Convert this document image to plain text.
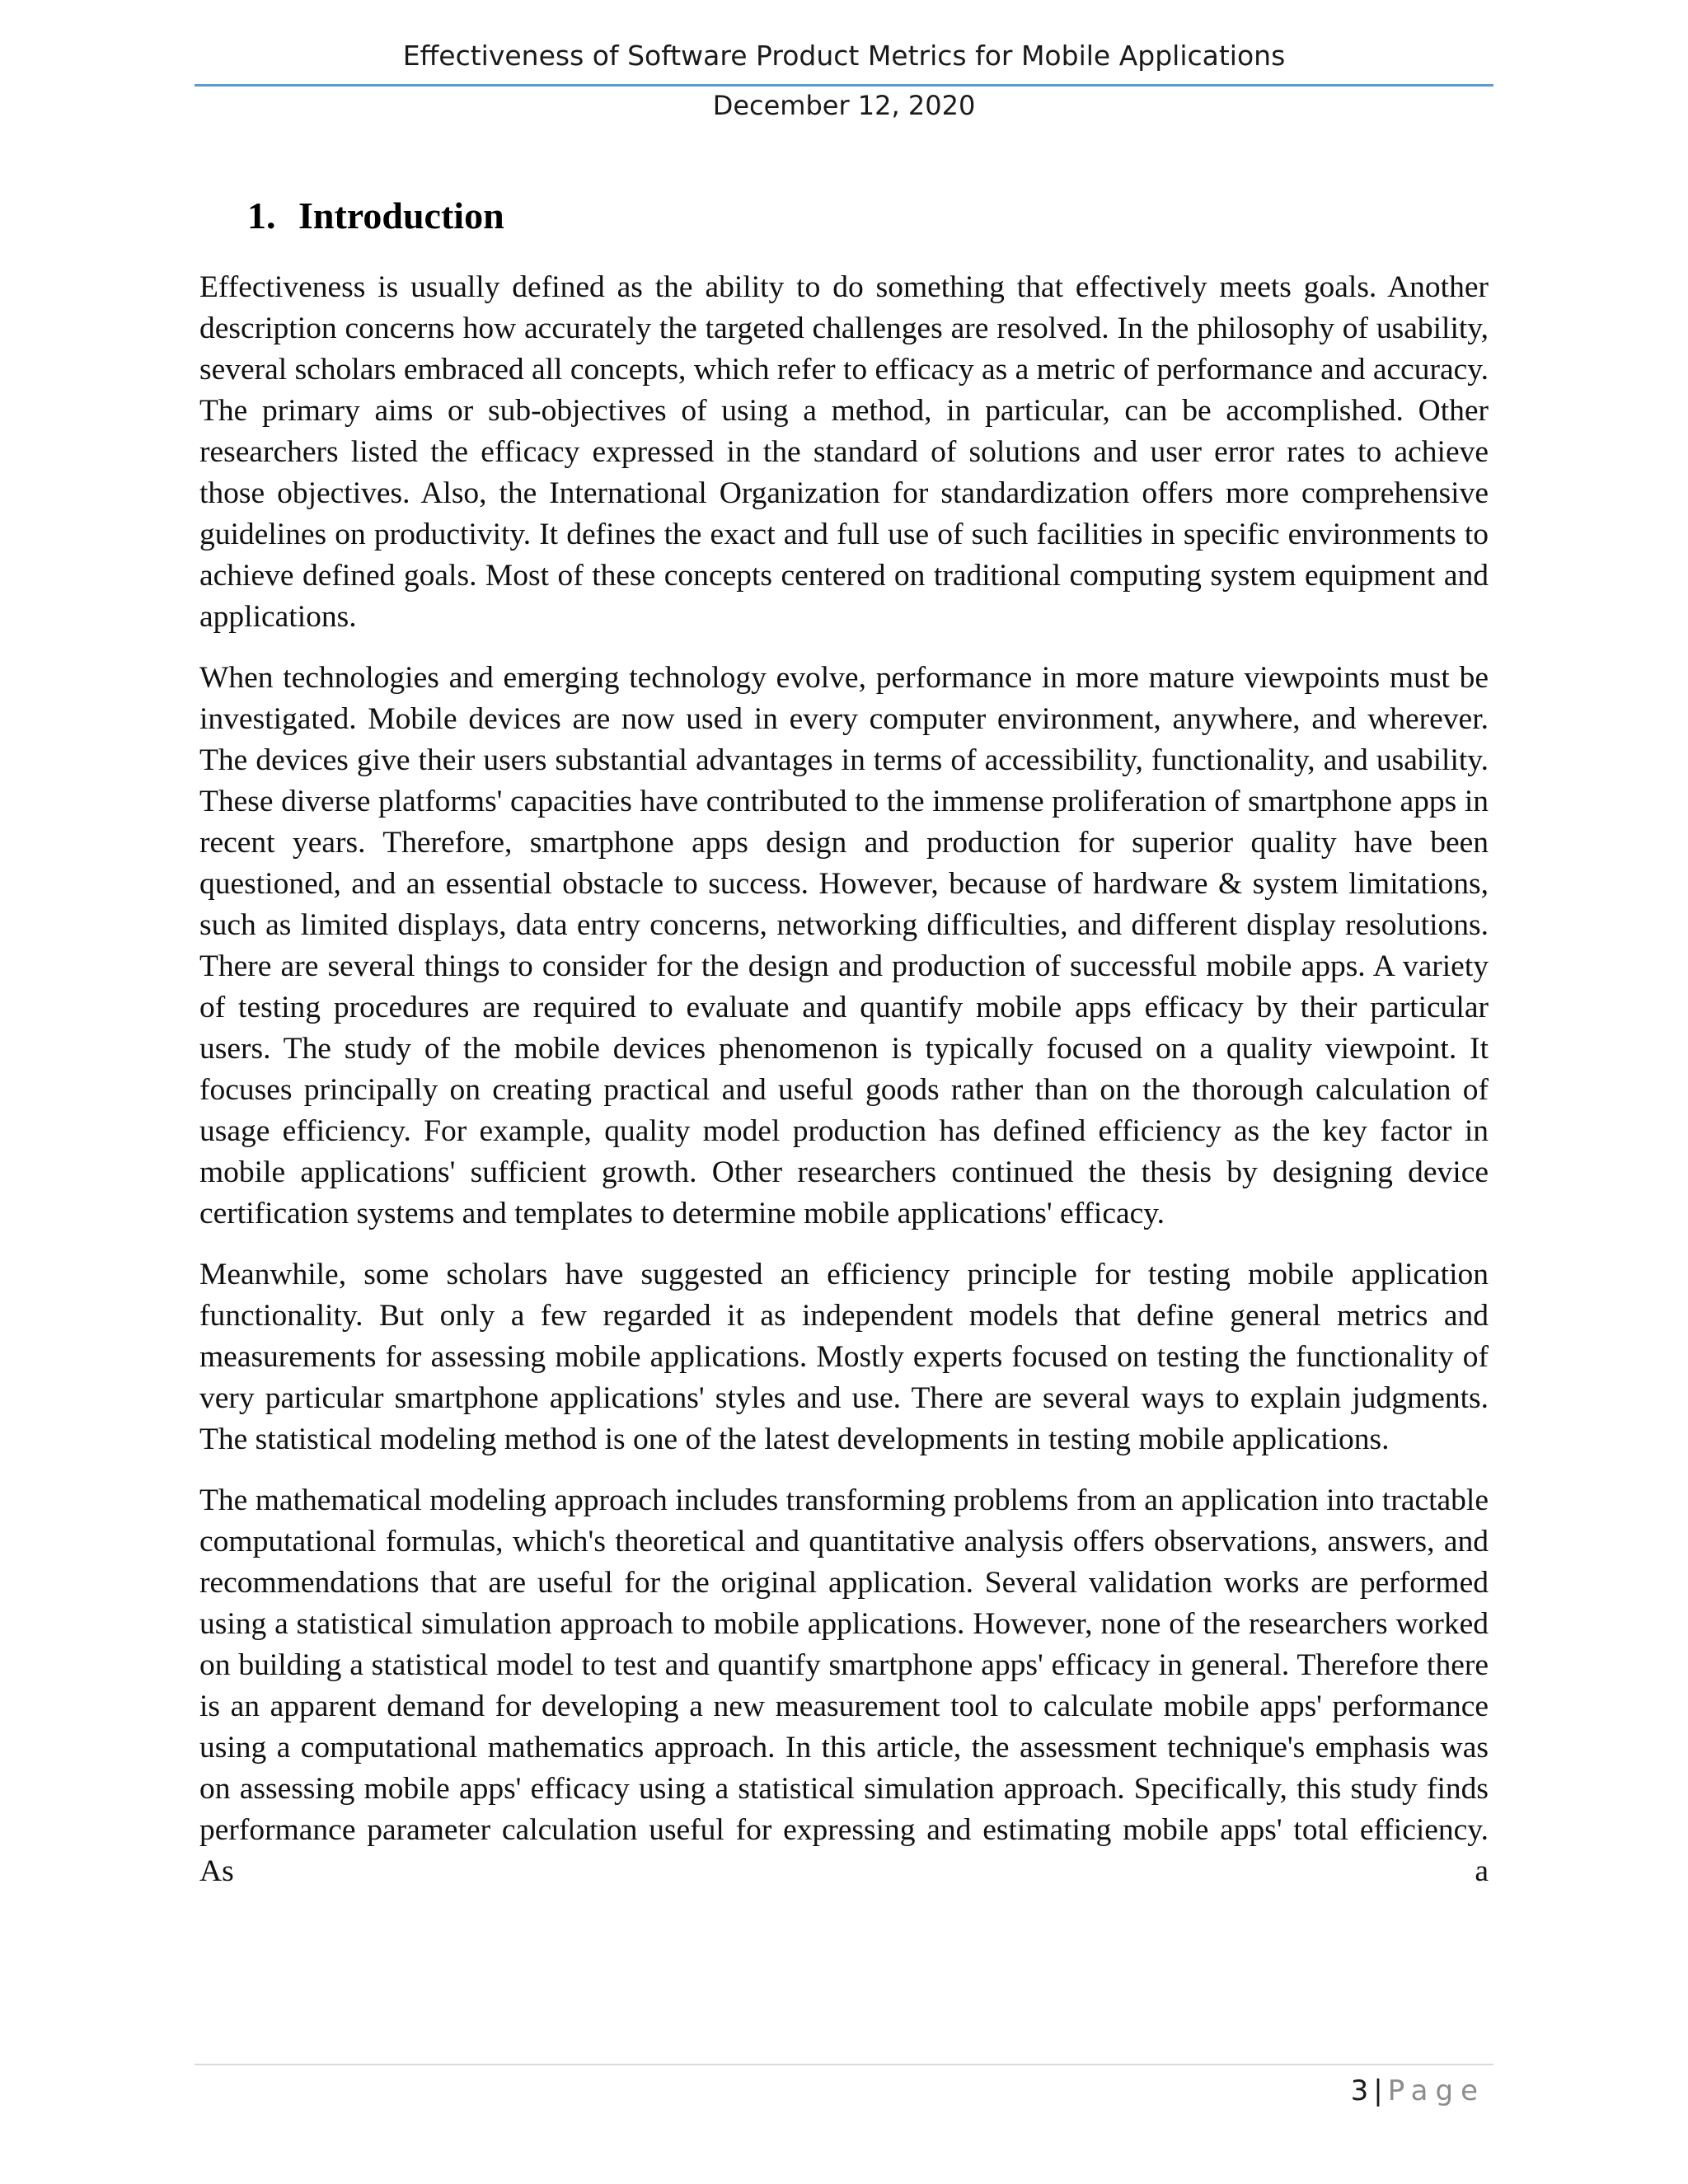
Effectiveness of Software Product Metrics for Mobile Applications
December 12, 2020
1. Introduction

Effectiveness is usually defined as the ability to do something that effectively meets goals. Another description concerns how accurately the targeted challenges are resolved. In the philosophy of usability, several scholars embraced all concepts, which refer to efficacy as a metric of performance and accuracy. The primary aims or sub-objectives of using a method, in particular, can be accomplished. Other researchers listed the efficacy expressed in the standard of solutions and user error rates to achieve those objectives. Also, the International Organization for standardization offers more comprehensive guidelines on productivity. It defines the exact and full use of such facilities in specific environments to achieve defined goals. Most of these concepts centered on traditional computing system equipment and applications.

When technologies and emerging technology evolve, performance in more mature viewpoints must be investigated. Mobile devices are now used in every computer environment, anywhere, and wherever. The devices give their users substantial advantages in terms of accessibility, functionality, and usability. These diverse platforms' capacities have contributed to the immense proliferation of smartphone apps in recent years. Therefore, smartphone apps design and production for superior quality have been questioned, and an essential obstacle to success. However, because of hardware & system limitations, such as limited displays, data entry concerns, networking difficulties, and different display resolutions. There are several things to consider for the design and production of successful mobile apps. A variety of testing procedures are required to evaluate and quantify mobile apps efficacy by their particular users. The study of the mobile devices phenomenon is typically focused on a quality viewpoint. It focuses principally on creating practical and useful goods rather than on the thorough calculation of usage efficiency. For example, quality model production has defined efficiency as the key factor in mobile applications' sufficient growth. Other researchers continued the thesis by designing device certification systems and templates to determine mobile applications' efficacy.

Meanwhile, some scholars have suggested an efficiency principle for testing mobile application functionality. But only a few regarded it as independent models that define general metrics and measurements for assessing mobile applications. Mostly experts focused on testing the functionality of very particular smartphone applications' styles and use. There are several ways to explain judgments. The statistical modeling method is one of the latest developments in testing mobile applications.

The mathematical modeling approach includes transforming problems from an application into tractable computational formulas, which's theoretical and quantitative analysis offers observations, answers, and recommendations that are useful for the original application. Several validation works are performed using a statistical simulation approach to mobile applications. However, none of the researchers worked on building a statistical model to test and quantify smartphone apps' efficacy in general. Therefore there is an apparent demand for developing a new measurement tool to calculate mobile apps' performance using a computational mathematics approach. In this article, the assessment technique's emphasis was on assessing mobile apps' efficacy using a statistical simulation approach. Specifically, this study finds performance parameter calculation useful for expressing and estimating mobile apps' total efficiency. As a

3 | Page
